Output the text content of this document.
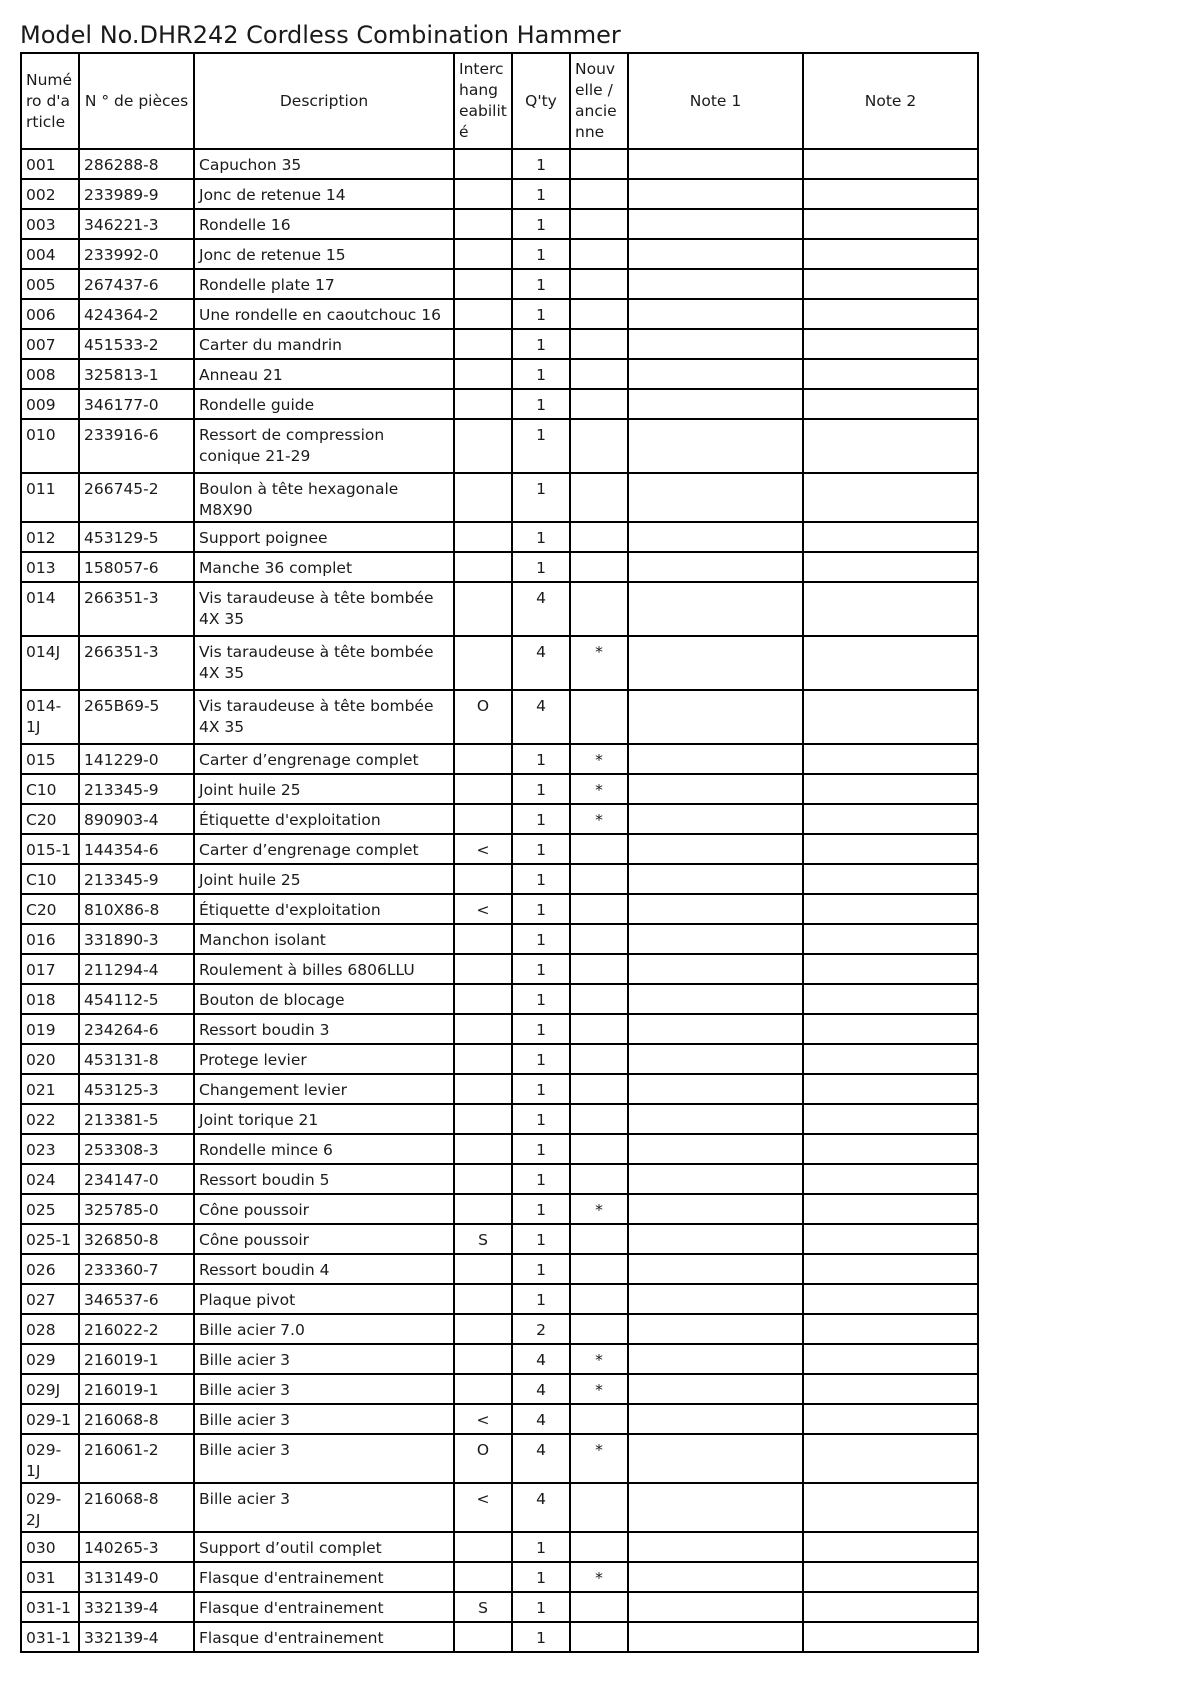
Model No.DHR242 Cordless Combination Hammer
Numé
ro d'a
rticle	N ° de pièces	Description	Interc
hang
eabilit
é	Q'ty	Nouv
elle /
ancie
nne	Note 1	Note 2
001	286288-8	Capuchon 35		1			
002	233989-9	Jonc de retenue 14		1			
003	346221-3	Rondelle 16		1			
004	233992-0	Jonc de retenue 15		1			
005	267437-6	Rondelle plate 17		1			
006	424364-2	Une rondelle en caoutchouc 16		1			
007	451533-2	Carter du mandrin		1			
008	325813-1	Anneau 21		1			
009	346177-0	Rondelle guide		1			
010	233916-6	Ressort de compression conique 21-29		1			
011	266745-2	Boulon à tête hexagonale M8X90		1			
012	453129-5	Support poignee		1			
013	158057-6	Manche 36 complet		1			
014	266351-3	Vis taraudeuse à tête bombée 4X 35		4			
014J	266351-3	Vis taraudeuse à tête bombée 4X 35		4	*		
014-1J	265B69-5	Vis taraudeuse à tête bombée 4X 35	O	4			
015	141229-0	Carter d’engrenage complet		1	*		
C10	213345-9	Joint huile 25		1	*		
C20	890903-4	Étiquette d'exploitation		1	*		
015-1	144354-6	Carter d’engrenage complet	<	1			
C10	213345-9	Joint huile 25		1			
C20	810X86-8	Étiquette d'exploitation	<	1			
016	331890-3	Manchon isolant		1			
017	211294-4	Roulement à billes 6806LLU		1			
018	454112-5	Bouton de blocage		1			
019	234264-6	Ressort boudin 3		1			
020	453131-8	Protege levier		1			
021	453125-3	Changement levier		1			
022	213381-5	Joint torique 21		1			
023	253308-3	Rondelle mince 6		1			
024	234147-0	Ressort boudin 5		1			
025	325785-0	Cône poussoir		1	*		
025-1	326850-8	Cône poussoir	S	1			
026	233360-7	Ressort boudin 4		1			
027	346537-6	Plaque pivot		1			
028	216022-2	Bille acier 7.0		2			
029	216019-1	Bille acier 3		4	*		
029J	216019-1	Bille acier 3		4	*		
029-1	216068-8	Bille acier 3	<	4			
029-1J	216061-2	Bille acier 3	O	4	*		
029-2J	216068-8	Bille acier 3	<	4			
030	140265-3	Support d’outil complet		1			
031	313149-0	Flasque d'entrainement		1	*		
031-1	332139-4	Flasque d'entrainement	S	1			
031-1	332139-4	Flasque d'entrainement		1			
